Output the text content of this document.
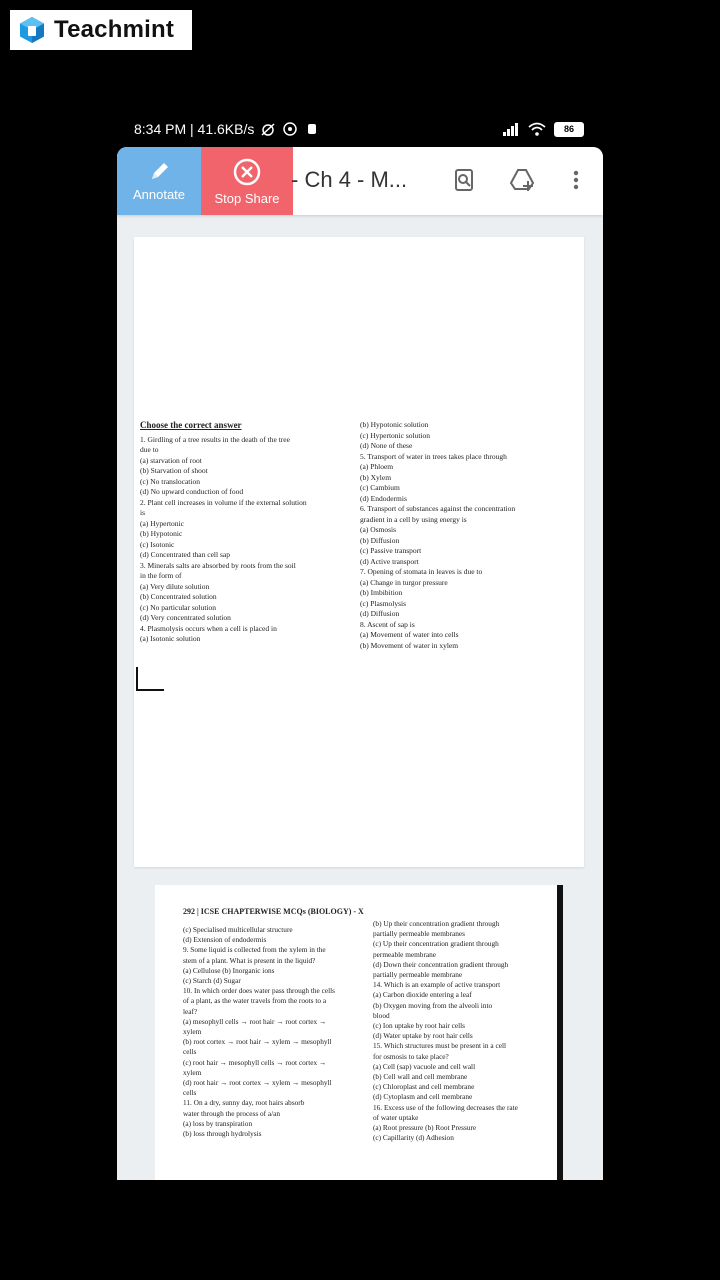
Teachmint
8:34 PM | 41.6KB/s	86
Annotate Stop Share
- Ch 4 - M...
Choose the correct answer
1. Girdling of a tree results in the death of the tree
due to
(a) starvation of root
(b) Starvation of shoot
(c) No translocation
(d) No upward conduction of food
2. Plant cell increases in volume if the external solution
is
(a) Hypertonic
(b) Hypotonic
(c) Isotonic
(d) Concentrated than cell sap
3. Minerals salts are absorbed by roots from the soil
in the form of
(a) Very dilute solution
(b) Concentrated solution
(c) No particular solution
(d) Very concentrated solution
4. Plasmolysis occurs when a cell is placed in
(a) Isotonic solution
(b) Hypotonic solution
(c) Hypertonic solution
(d) None of these
5. Transport of water in trees takes place through
(a) Phloem
(b) Xylem
(c) Cambium
(d) Endodermis
6. Transport of substances against the concentration
gradient in a cell by using energy is
(a) Osmosis
(b) Diffusion
(c) Passive transport
(d) Active transport
7. Opening of stomata in leaves is due to
(a) Change in turgor pressure
(b) Imbibition
(c) Plasmolysis
(d) Diffusion
8. Ascent of sap is
(a) Movement of water into cells
(b) Movement of water in xylem
292 | ICSE CHAPTERWISE MCQs (BIOLOGY) - X
(c) Specialised multicellular structure
(d) Extension of endodermis
9. Some liquid is collected from the xylem in the
stem of a plant. What is present in the liquid?
(a) Cellulose (b) Inorganic ions
(c) Starch (d) Sugar
10. In which order does water pass through the cells
of a plant, as the water travels from the roots to a
leaf?
(a) mesophyll cells → root hair → root cortex →
xylem
(b) root cortex → root hair → xylem → mesophyll
cells
(c) root hair → mesophyll cells → root cortex →
xylem
(d) root hair → root cortex → xylem → mesophyll
cells
11. On a dry, sunny day, root hairs absorb
water through the process of a/an
(a) loss by transpiration
(b) loss through hydrolysis
(b) Up their concentration gradient through
partially permeable membranes
(c) Up their concentration gradient through
permeable membrane
(d) Down their concentration gradient through
partially permeable membrane
14. Which is an example of active transport
(a) Carbon dioxide entering a leaf
(b) Oxygen moving from the alveoli into
blood
(c) Ion uptake by root hair cells
(d) Water uptake by root hair cells
15. Which structures must be present in a cell
for osmosis to take place?
(a) Cell (sap) vacuole and cell wall
(b) Cell wall and cell membrane
(c) Chloroplast and cell membrane
(d) Cytoplasm and cell membrane
16. Excess use of the following decreases the rate
of water uptake
(a) Root pressure (b) Root Pressure
(c) Capillarity (d) Adhesion
